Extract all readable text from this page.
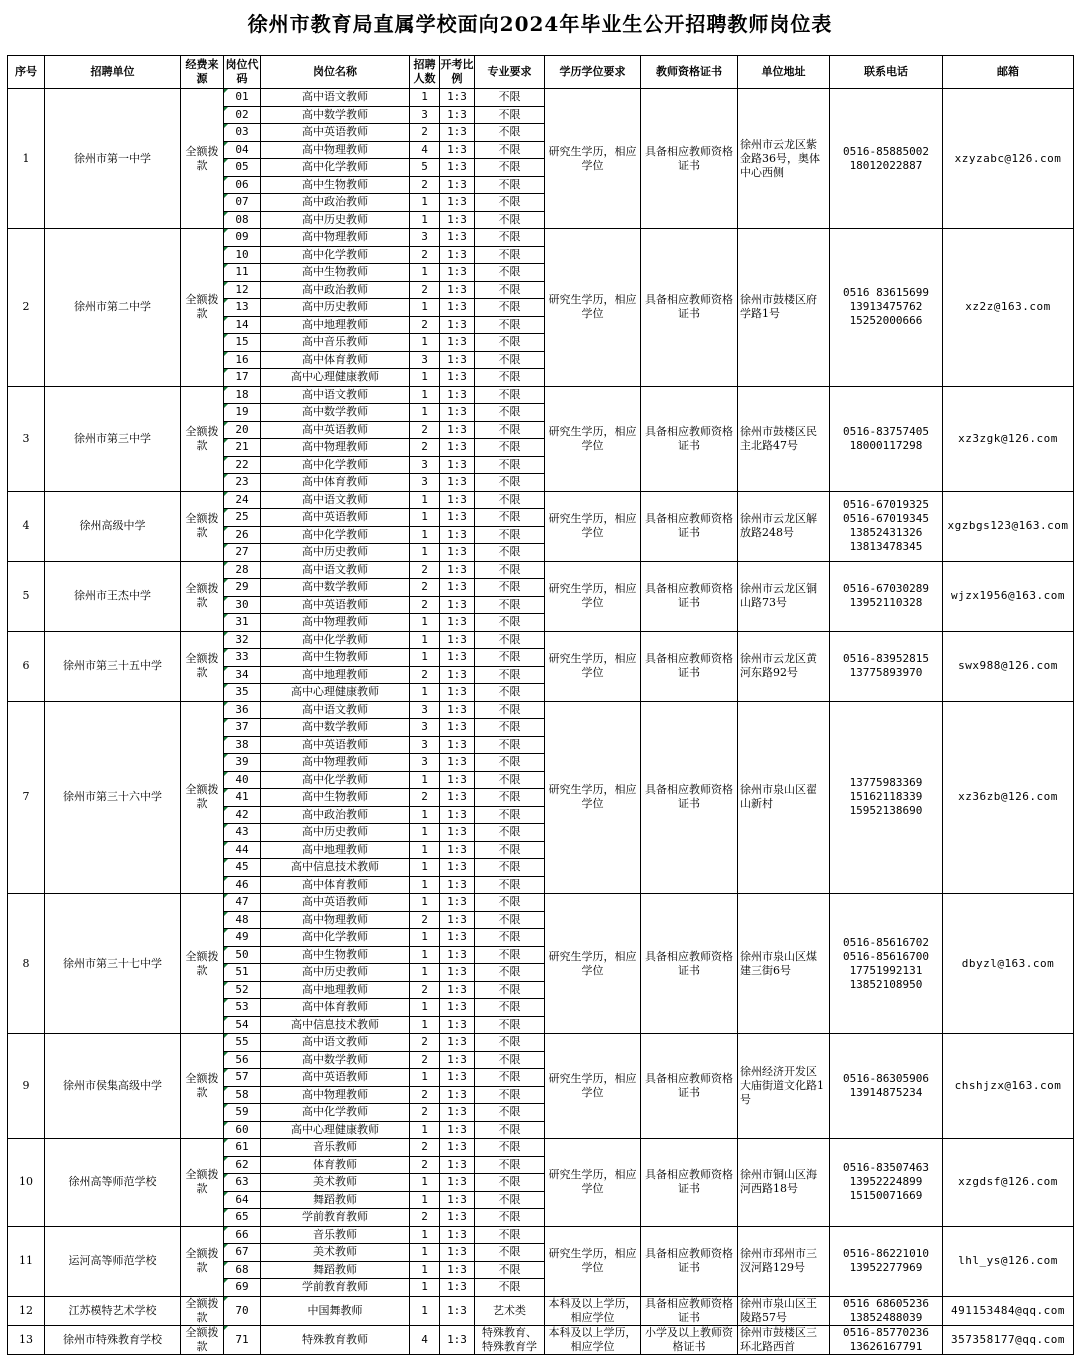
徐州市教育局直属学校面向2024年毕业生公开招聘教师岗位表
序号	招聘单位	经费来源	岗位代码	岗位名称	招聘人数	开考比例	专业要求	学历学位要求	教师资格证书	单位地址	联系电话	邮箱
1	徐州市第一中学	全额拨款	01	高中语文教师	1	1:3	不限	研究生学历，相应学位	具备相应教师资格证书	徐州市云龙区紫金路36号，奥体中心西侧	0516-85885002
18012022887	xzyzabc@126.com
			02	高中数学教师	3	1:3	不限					
			03	高中英语教师	2	1:3	不限					
			04	高中物理教师	4	1:3	不限					
			05	高中化学教师	5	1:3	不限					
			06	高中生物教师	2	1:3	不限					
			07	高中政治教师	1	1:3	不限					
			08	高中历史教师	1	1:3	不限					
2	徐州市第二中学	全额拨款	09	高中物理教师	3	1:3	不限	研究生学历，相应学位	具备相应教师资格证书	徐州市鼓楼区府学路1号	0516 83615699
13913475762
15252000666	xz2z@163.com
			10	高中化学教师	2	1:3	不限					
			11	高中生物教师	1	1:3	不限					
			12	高中政治教师	2	1:3	不限					
			13	高中历史教师	1	1:3	不限					
			14	高中地理教师	2	1:3	不限					
			15	高中音乐教师	1	1:3	不限					
			16	高中体育教师	3	1:3	不限					
			17	高中心理健康教师	1	1:3	不限					
3	徐州市第三中学	全额拨款	18	高中语文教师	1	1:3	不限	研究生学历，相应学位	具备相应教师资格证书	徐州市鼓楼区民主北路47号	0516-83757405
18000117298	xz3zgk@126.com
			19	高中数学教师	1	1:3	不限					
			20	高中英语教师	2	1:3	不限					
			21	高中物理教师	2	1:3	不限					
			22	高中化学教师	3	1:3	不限					
			23	高中体育教师	3	1:3	不限					
4	徐州高级中学	全额拨款	24	高中语文教师	1	1:3	不限	研究生学历，相应学位	具备相应教师资格证书	徐州市云龙区解放路248号	0516-67019325
0516-67019345
13852431326
13813478345	xgzbgs123@163.com
			25	高中英语教师	1	1:3	不限					
			26	高中化学教师	1	1:3	不限					
			27	高中历史教师	1	1:3	不限					
5	徐州市王杰中学	全额拨款	28	高中语文教师	2	1:3	不限	研究生学历，相应学位	具备相应教师资格证书	徐州市云龙区铜山路73号	0516-67030289
13952110328	wjzx1956@163.com
			29	高中数学教师	2	1:3	不限					
			30	高中英语教师	2	1:3	不限					
			31	高中物理教师	1	1:3	不限					
6	徐州市第三十五中学	全额拨款	32	高中化学教师	1	1:3	不限	研究生学历，相应学位	具备相应教师资格证书	徐州市云龙区黄河东路92号	0516-83952815
13775893970	swx988@126.com
			33	高中生物教师	1	1:3	不限					
			34	高中地理教师	2	1:3	不限					
			35	高中心理健康教师	1	1:3	不限					
7	徐州市第三十六中学	全额拨款	36	高中语文教师	3	1:3	不限	研究生学历，相应学位	具备相应教师资格证书	徐州市泉山区翟山新村	13775983369
15162118339
15952138690	xz36zb@126.com
			37	高中数学教师	3	1:3	不限					
			38	高中英语教师	3	1:3	不限					
			39	高中物理教师	3	1:3	不限					
			40	高中化学教师	1	1:3	不限					
			41	高中生物教师	2	1:3	不限					
			42	高中政治教师	1	1:3	不限					
			43	高中历史教师	1	1:3	不限					
			44	高中地理教师	1	1:3	不限					
			45	高中信息技术教师	1	1:3	不限					
			46	高中体育教师	1	1:3	不限					
8	徐州市第三十七中学	全额拨款	47	高中英语教师	1	1:3	不限	研究生学历，相应学位	具备相应教师资格证书	徐州市泉山区煤建三街6号	0516-85616702
0516-85616700
17751992131
13852108950	dbyzl@163.com
			48	高中物理教师	2	1:3	不限					
			49	高中化学教师	1	1:3	不限					
			50	高中生物教师	1	1:3	不限					
			51	高中历史教师	1	1:3	不限					
			52	高中地理教师	2	1:3	不限					
			53	高中体育教师	1	1:3	不限					
			54	高中信息技术教师	1	1:3	不限					
9	徐州市侯集高级中学	全额拨款	55	高中语文教师	2	1:3	不限	研究生学历，相应学位	具备相应教师资格证书	徐州经济开发区大庙街道文化路1号	0516-86305906
13914875234	chshjzx@163.com
			56	高中数学教师	2	1:3	不限					
			57	高中英语教师	1	1:3	不限					
			58	高中物理教师	2	1:3	不限					
			59	高中化学教师	2	1:3	不限					
			60	高中心理健康教师	1	1:3	不限					
10	徐州高等师范学校	全额拨款	61	音乐教师	2	1:3	不限	研究生学历，相应学位	具备相应教师资格证书	徐州市铜山区海河西路18号	0516-83507463
13952224899
15150071669	xzgdsf@126.com
			62	体育教师	2	1:3	不限					
			63	美术教师	1	1:3	不限					
			64	舞蹈教师	1	1:3	不限					
			65	学前教育教师	2	1:3	不限					
11	运河高等师范学校	全额拨款	66	音乐教师	1	1:3	不限	研究生学历，相应学位	具备相应教师资格证书	徐州市邳州市三汊河路129号	0516-86221010
13952277969	lhl_ys@126.com
			67	美术教师	1	1:3	不限					
			68	舞蹈教师	1	1:3	不限					
			69	学前教育教师	1	1:3	不限					
12	江苏模特艺术学校	全额拨款	70	中国舞教师	1	1:3	艺术类	本科及以上学历，相应学位	具备相应教师资格证书	徐州市泉山区王陵路57号	0516 68605236
13852488039	491153484@qq.com
13	徐州市特殊教育学校	全额拨款	71	特殊教育教师	4	1:3	特殊教育、特殊教育学	本科及以上学历，相应学位	小学及以上教师资格证书	徐州市鼓楼区三环北路西首	0516-85770236
13626167791	357358177@qq.com
